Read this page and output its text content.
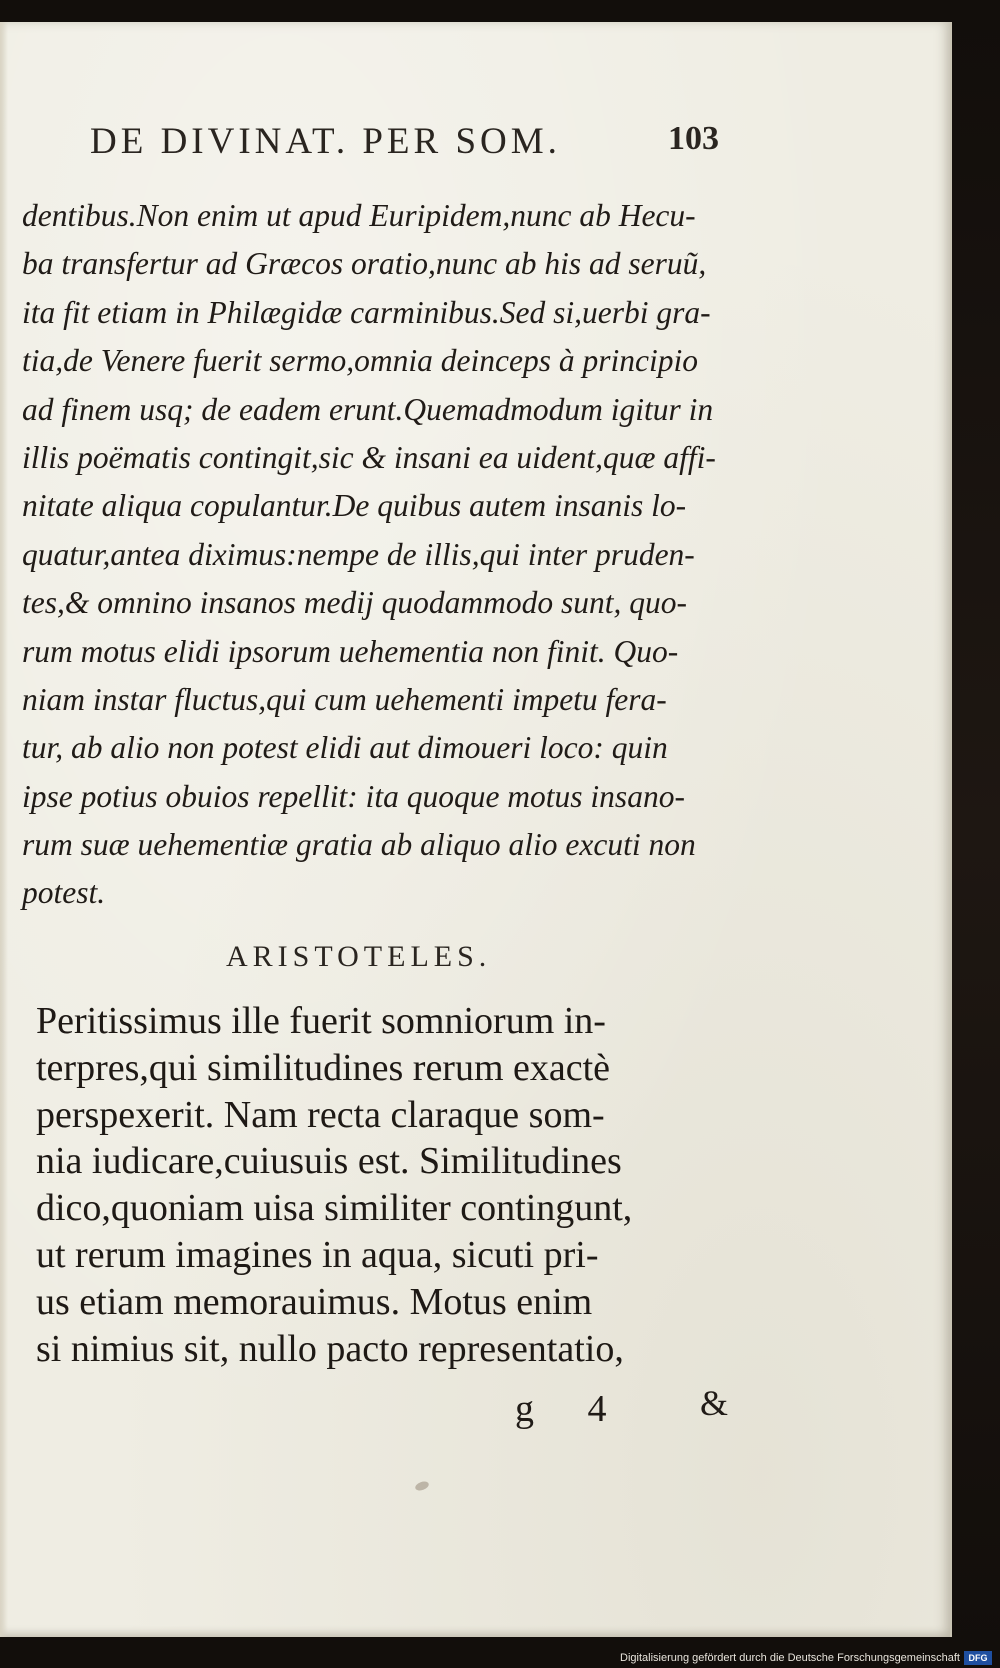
DE DIVINAT. PER SOM.	103
dentibus.Non enim ut apud Euripidem,nunc ab Hecu-
ba transfertur ad Græcos oratio,nunc ab his ad seruũ,
ita fit etiam in Philægidæ carminibus.Sed si,uerbi gra-
tia,de Venere fuerit sermo,omnia deinceps à principio
ad finem usq; de eadem erunt.Quemadmodum igitur in
illis poëmatis contingit,sic & insani ea uident,quæ affi-
nitate aliqua copulantur.De quibus autem insanis lo-
quatur,antea diximus:nempe de illis,qui inter pruden-
tes,& omnino insanos medij quodammodo sunt, quo-
rum motus elidi ipsorum uehementia non finit. Quo-
niam instar fluctus,qui cum uehementi impetu fera-
tur, ab alio non potest elidi aut dimoueri loco: quin
ipse potius obuios repellit: ita quoque motus insano-
rum suæ uehementiæ gratia ab aliquo alio excuti non
potest.
ARISTOTELES.
Peritissimus ille fuerit somniorum in-
terpres,qui similitudines rerum exactè
perspexerit. Nam recta claraque som-
nia iudicare,cuiusuis est. Similitudines
dico,quoniam uisa similiter contingunt,
ut rerum imagines in aqua, sicuti pri-
us etiam memorauimus. Motus enim
si nimius sit, nullo pacto representatio,
g 4 &
Digitalisierung gefördert durch die Deutsche Forschungsgemeinschaft DFG
